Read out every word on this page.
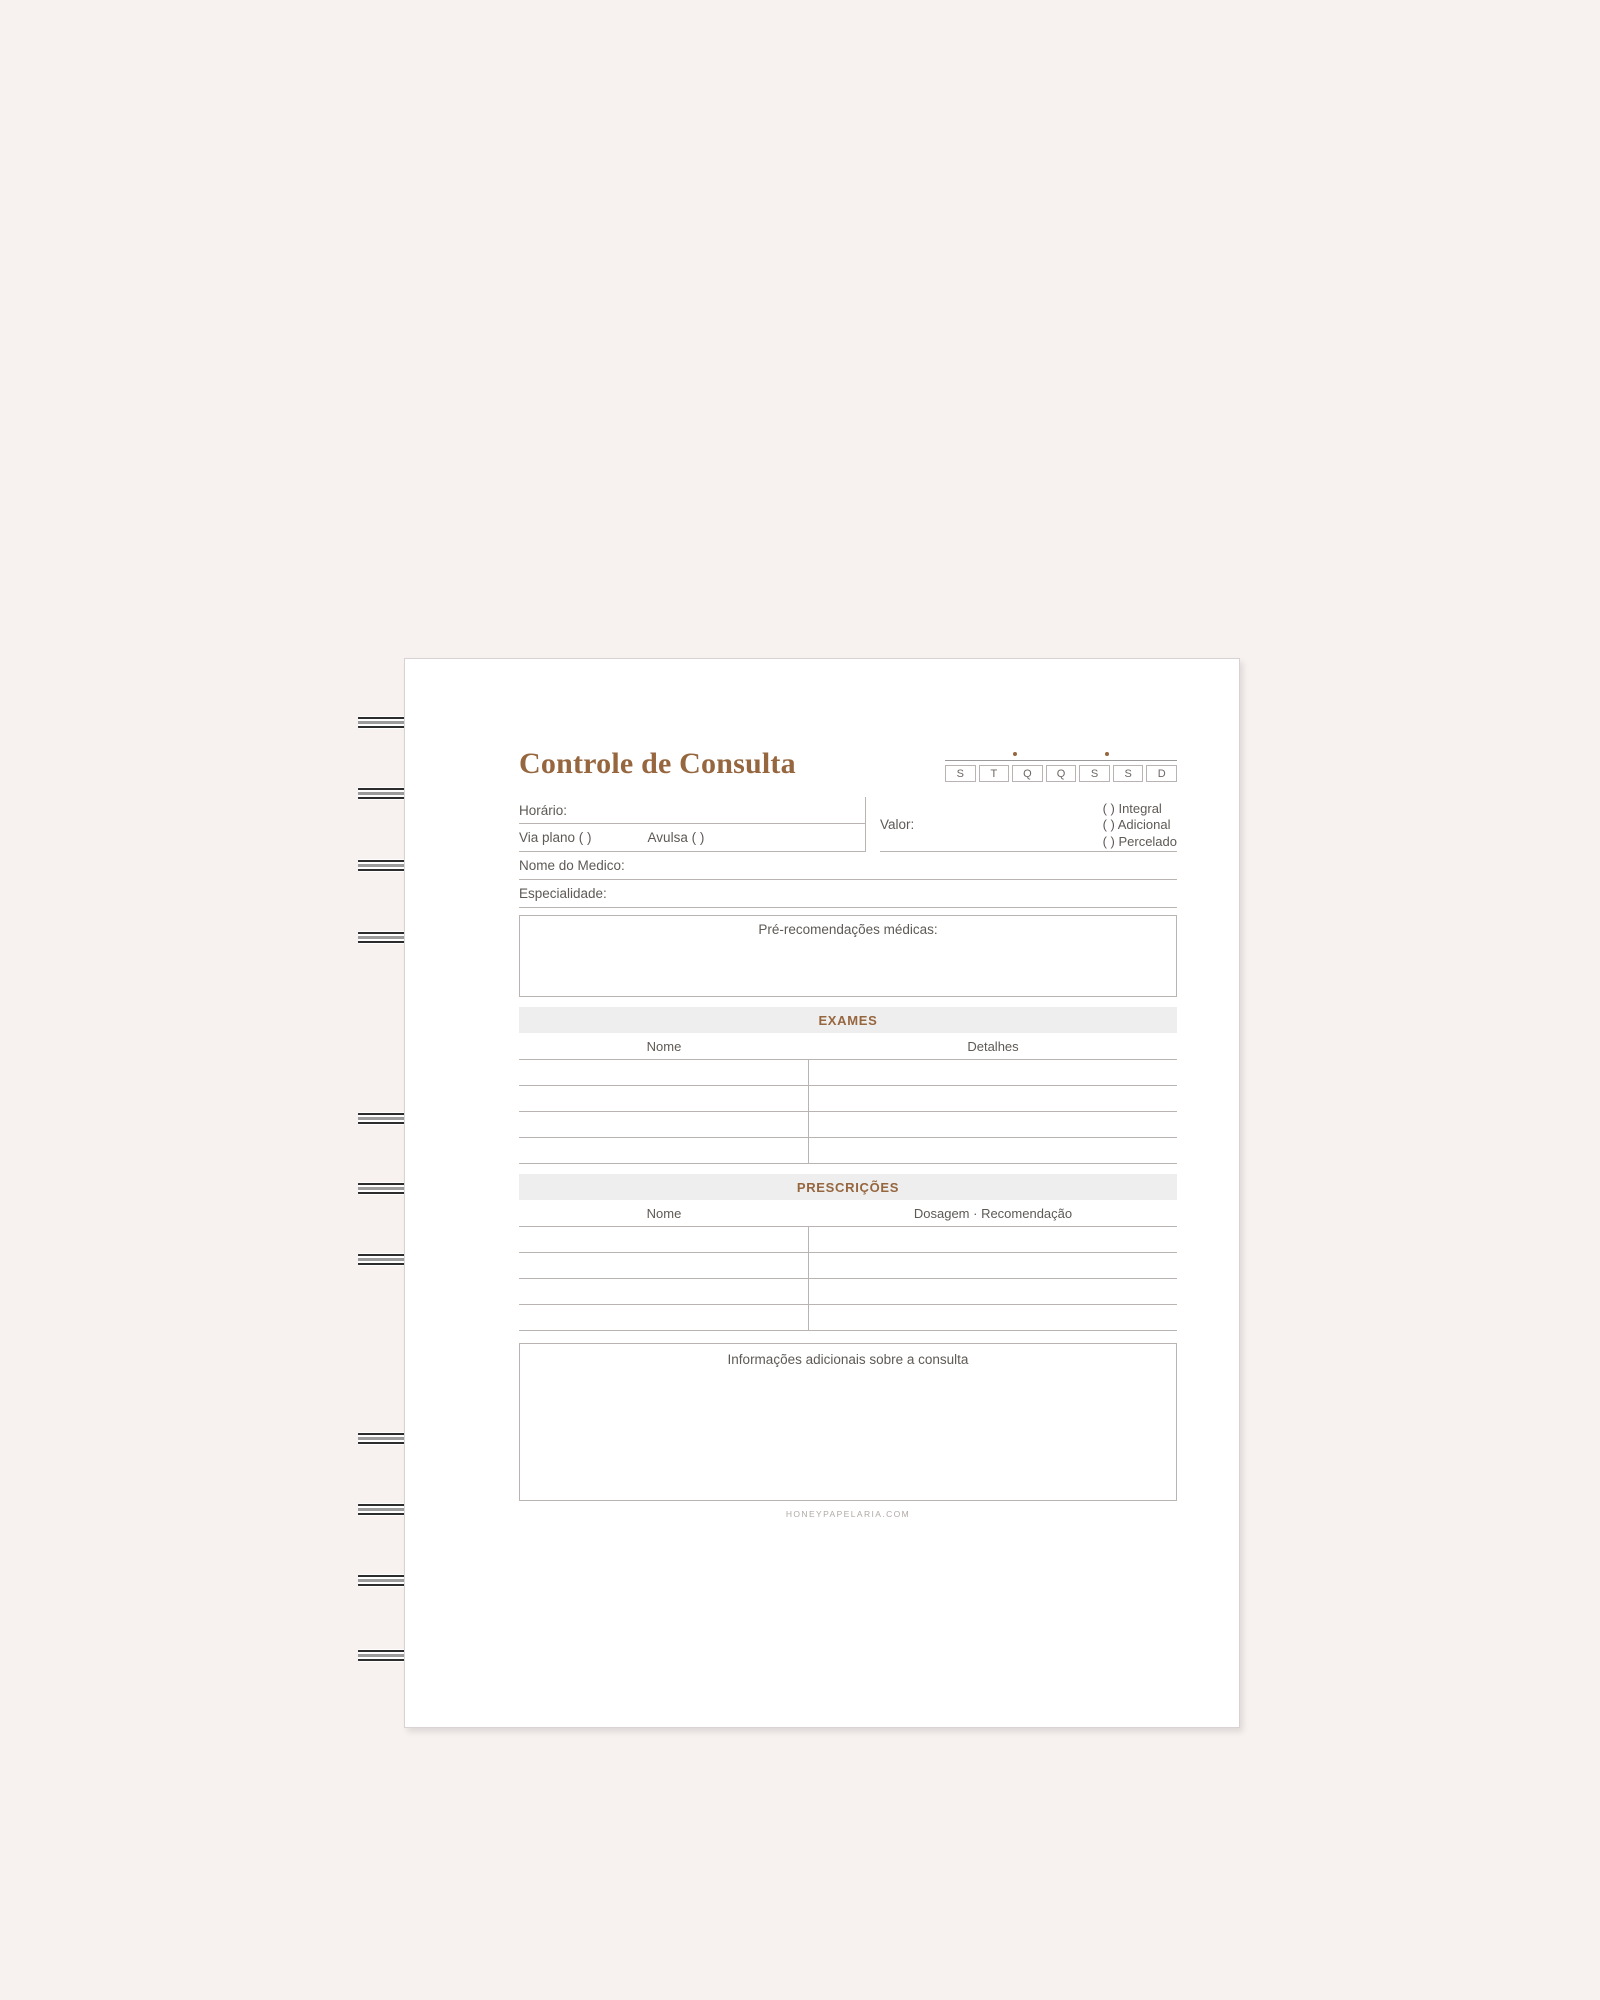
Controle de Consulta	S	T	Q	Q	S	S	D
Horário:
Via plano ( )	Avulsa ( )
Valor:
( ) Integral
( ) Adicional
( ) Percelado
Nome do Medico:
Especialidade:
Pré-recomendações médicas:
EXAMES
Nome	Detalhes
PRESCRIÇÕES
Nome	Dosagem · Recomendação
Informações adicionais sobre a consulta
HONEYPAPELARIA.COM
